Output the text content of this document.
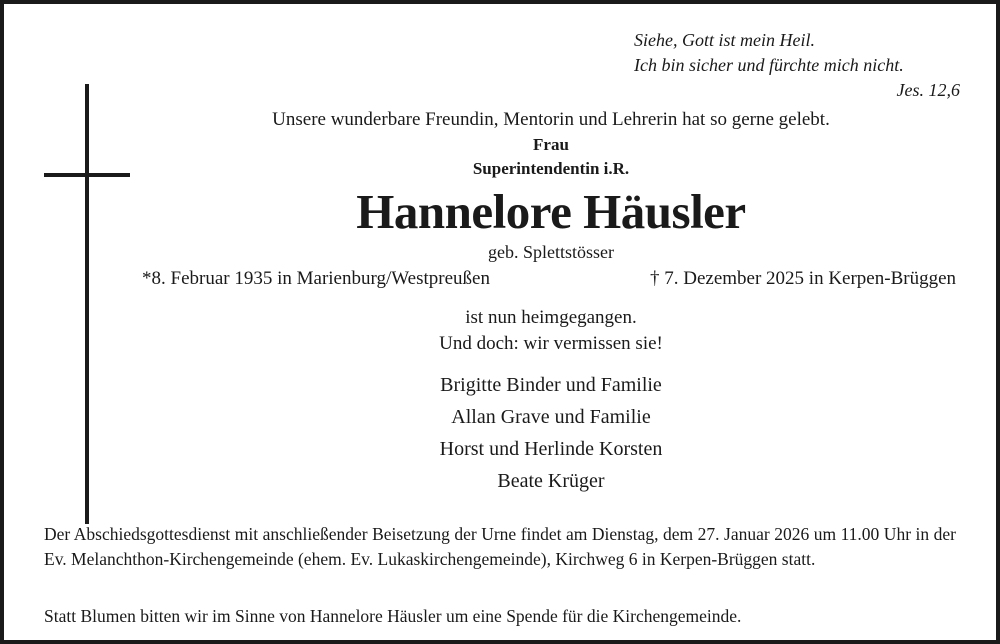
Siehe, Gott ist mein Heil.
Ich bin sicher und fürchte mich nicht.
Jes. 12,6
Unsere wunderbare Freundin, Mentorin und Lehrerin hat so gerne gelebt.
Frau
Superintendentin i.R.
Hannelore Häusler
geb. Splettstösser
*8. Februar 1935 in Marienburg/Westpreußen	† 7. Dezember 2025 in Kerpen-Brüggen
ist nun heimgegangen.
Und doch: wir vermissen sie!
Brigitte Binder und Familie
Allan Grave und Familie
Horst und Herlinde Korsten
Beate Krüger
Der Abschiedsgottesdienst mit anschließender Beisetzung der Urne findet am Dienstag, dem 27. Januar 2026 um 11.00 Uhr in der Ev. Melanchthon-Kirchengemeinde (ehem. Ev. Lukaskirchengemeinde), Kirchweg 6 in Kerpen-Brüggen statt.
Statt Blumen bitten wir im Sinne von Hannelore Häusler um eine Spende für die Kirchengemeinde.
